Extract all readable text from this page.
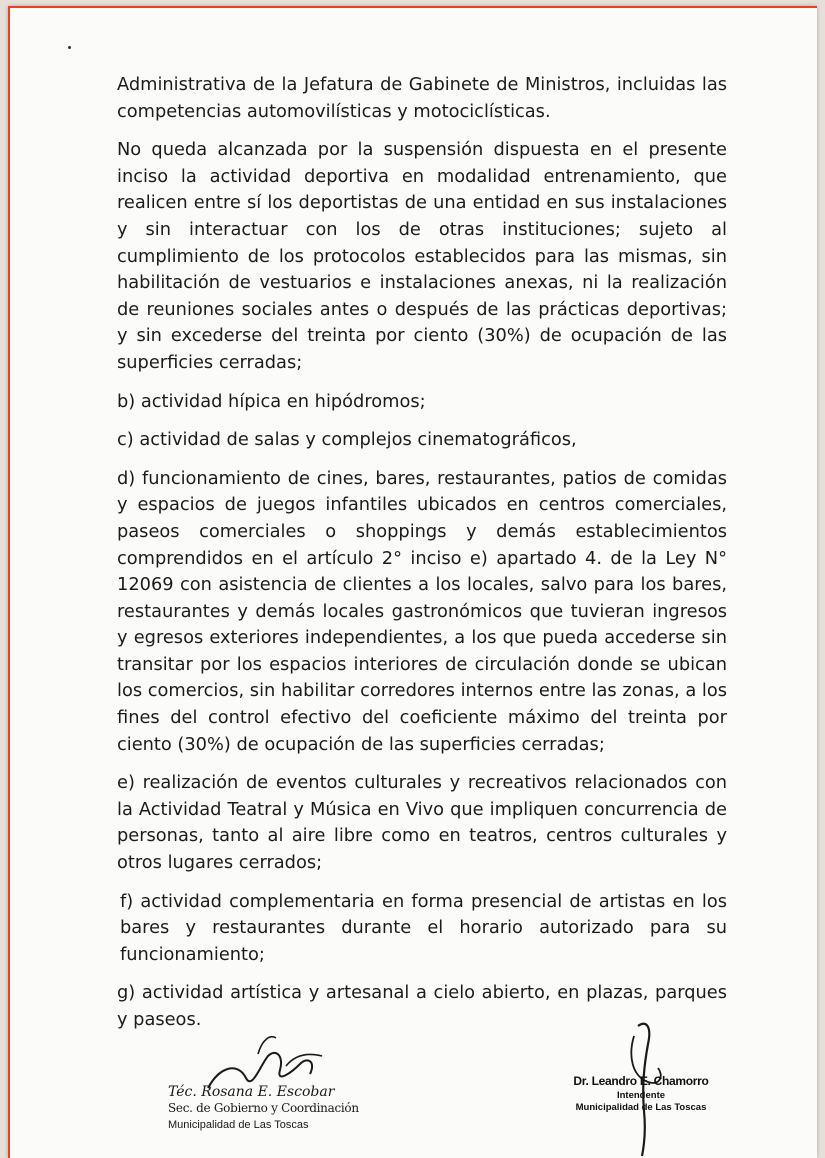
Administrativa de la Jefatura de Gabinete de Ministros, incluidas las competencias automovilísticas y motociclísticas.

No queda alcanzada por la suspensión dispuesta en el presente inciso la actividad deportiva en modalidad entrenamiento, que realicen entre sí los deportistas de una entidad en sus instalaciones y sin interactuar con los de otras instituciones; sujeto al cumplimiento de los protocolos establecidos para las mismas, sin habilitación de vestuarios e instalaciones anexas, ni la realización de reuniones sociales antes o después de las prácticas deportivas; y sin excederse del treinta por ciento (30%) de ocupación de las superficies cerradas;

b) actividad hípica en hipódromos;

c) actividad de salas y complejos cinematográficos,

d) funcionamiento de cines, bares, restaurantes, patios de comidas y espacios de juegos infantiles ubicados en centros comerciales, paseos comerciales o shoppings y demás establecimientos comprendidos en el artículo 2° inciso e) apartado 4. de la Ley N° 12069 con asistencia de clientes a los locales, salvo para los bares, restaurantes y demás locales gastronómicos que tuvieran ingresos y egresos exteriores independientes, a los que pueda accederse sin transitar por los espacios interiores de circulación donde se ubican los comercios, sin habilitar corredores internos entre las zonas, a los fines del control efectivo del coeficiente máximo del treinta por ciento (30%) de ocupación de las superficies cerradas;

e) realización de eventos culturales y recreativos relacionados con la Actividad Teatral y Música en Vivo que impliquen concurrencia de personas, tanto al aire libre como en teatros, centros culturales y otros lugares cerrados;

f) actividad complementaria en forma presencial de artistas en los bares y restaurantes durante el horario autorizado para su funcionamiento;

g) actividad artística y artesanal a cielo abierto, en plazas, parques y paseos.

Téc. Rosana E. Escobar
Sec. de Gobierno y Coordinación
Municipalidad de Las Toscas
Dr. Leandro E. Chamorro
Intendente
Municipalidad de Las Toscas
